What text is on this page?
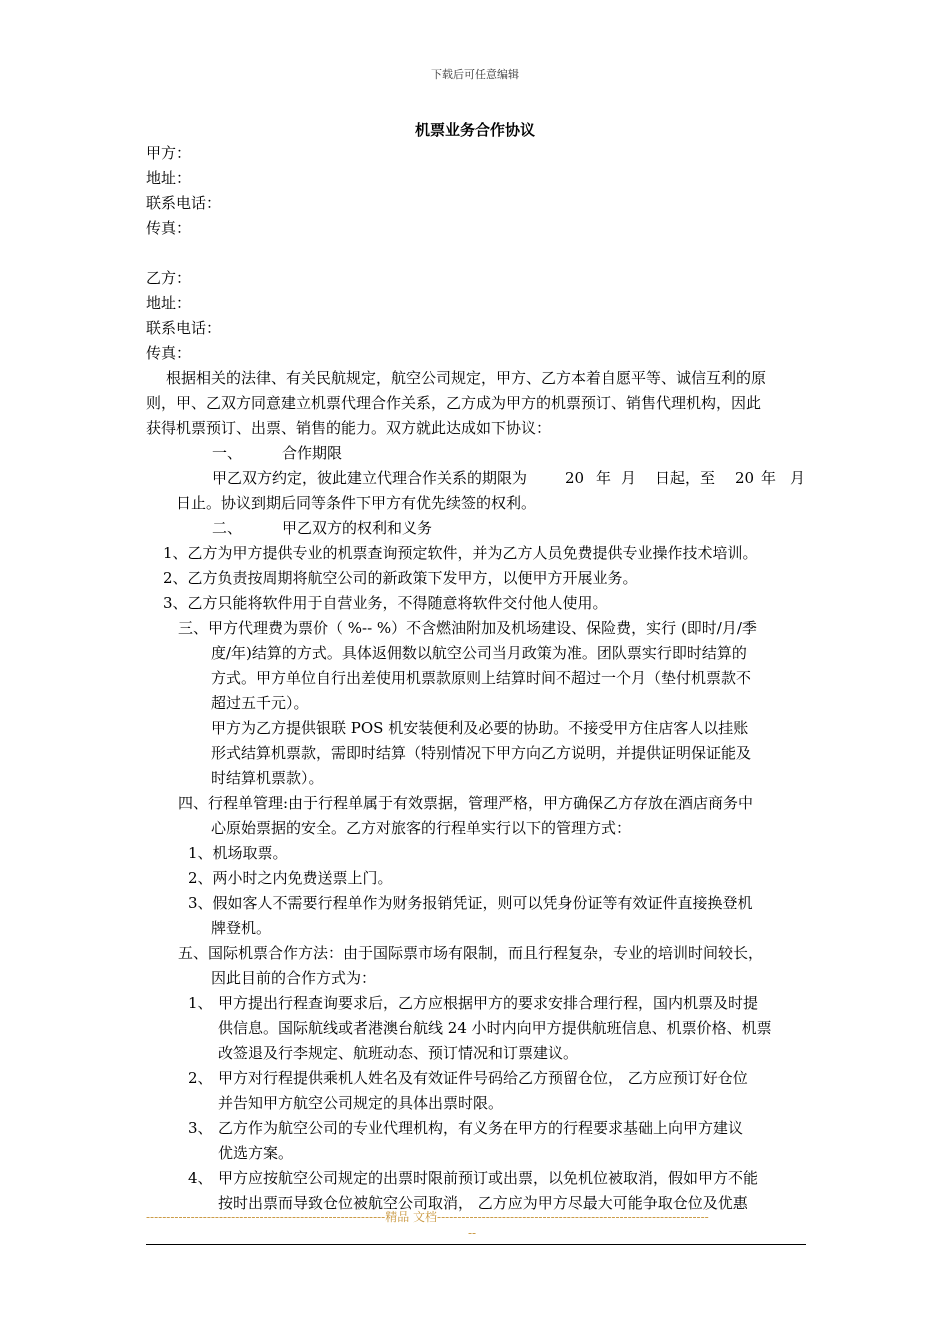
下载后可任意编辑
机票业务合作协议
甲方：
地址：
联系电话：
传真：
乙方：
地址：
联系电话：
传真：
根据相关的法律、有关民航规定，航空公司规定，甲方、乙方本着自愿平等、诚信互利的原
则，甲、乙双方同意建立机票代理合作关系，乙方成为甲方的机票预订、销售代理机构，因此
获得机票预订、出票、销售的能力。双方就此达成如下协议：
一、	合作期限
甲乙双方约定，彼此建立代理合作关系的期限为	20 年 月 日起，至 20 年 月
日止。协议到期后同等条件下甲方有优先续签的权利。
二、	甲乙双方的权利和义务
1、乙方为甲方提供专业的机票查询预定软件，并为乙方人员免费提供专业操作技术培训。
2、乙方负责按周期将航空公司的新政策下发甲方，以便甲方开展业务。
3、乙方只能将软件用于自营业务，不得随意将软件交付他人使用。
三、甲方代理费为票价（ %-- %）不含燃油附加及机场建设、保险费，实行 (即时/月/季
度/年)结算的方式。具体返佣数以航空公司当月政策为准。团队票实行即时结算的
方式。甲方单位自行出差使用机票款原则上结算时间不超过一个月（垫付机票款不
超过五千元）。
甲方为乙方提供银联 POS 机安装便利及必要的协助。不接受甲方住店客人以挂账
形式结算机票款，需即时结算（特别情况下甲方向乙方说明，并提供证明保证能及
时结算机票款）。
四、行程单管理:由于行程单属于有效票据，管理严格，甲方确保乙方存放在酒店商务中
心原始票据的安全。乙方对旅客的行程单实行以下的管理方式：
1、机场取票。
2、两小时之内免费送票上门。
3、假如客人不需要行程单作为财务报销凭证，则可以凭身份证等有效证件直接换登机
牌登机。
五、国际机票合作方法：由于国际票市场有限制，而且行程复杂，专业的培训时间较长，
因此目前的合作方式为：
1、 甲方提出行程查询要求后，乙方应根据甲方的要求安排合理行程，国内机票及时提
供信息。国际航线或者港澳台航线 24 小时内向甲方提供航班信息、机票价格、机票
改签退及行李规定、航班动态、预订情况和订票建议。
2、 甲方对行程提供乘机人姓名及有效证件号码给乙方预留仓位， 乙方应预订好仓位
并告知甲方航空公司规定的具体出票时限。
3、 乙方作为航空公司的专业代理机构，有义务在甲方的行程要求基础上向甲方建议
优选方案。
4、 甲方应按航空公司规定的出票时限前预订或出票，以免机位被取消，假如甲方不能
按时出票而导致仓位被航空公司取消， 乙方应为甲方尽最大可能争取仓位及优惠
-----------------------------------------------------------精品 文档-------------------------------------------------------------------
--
